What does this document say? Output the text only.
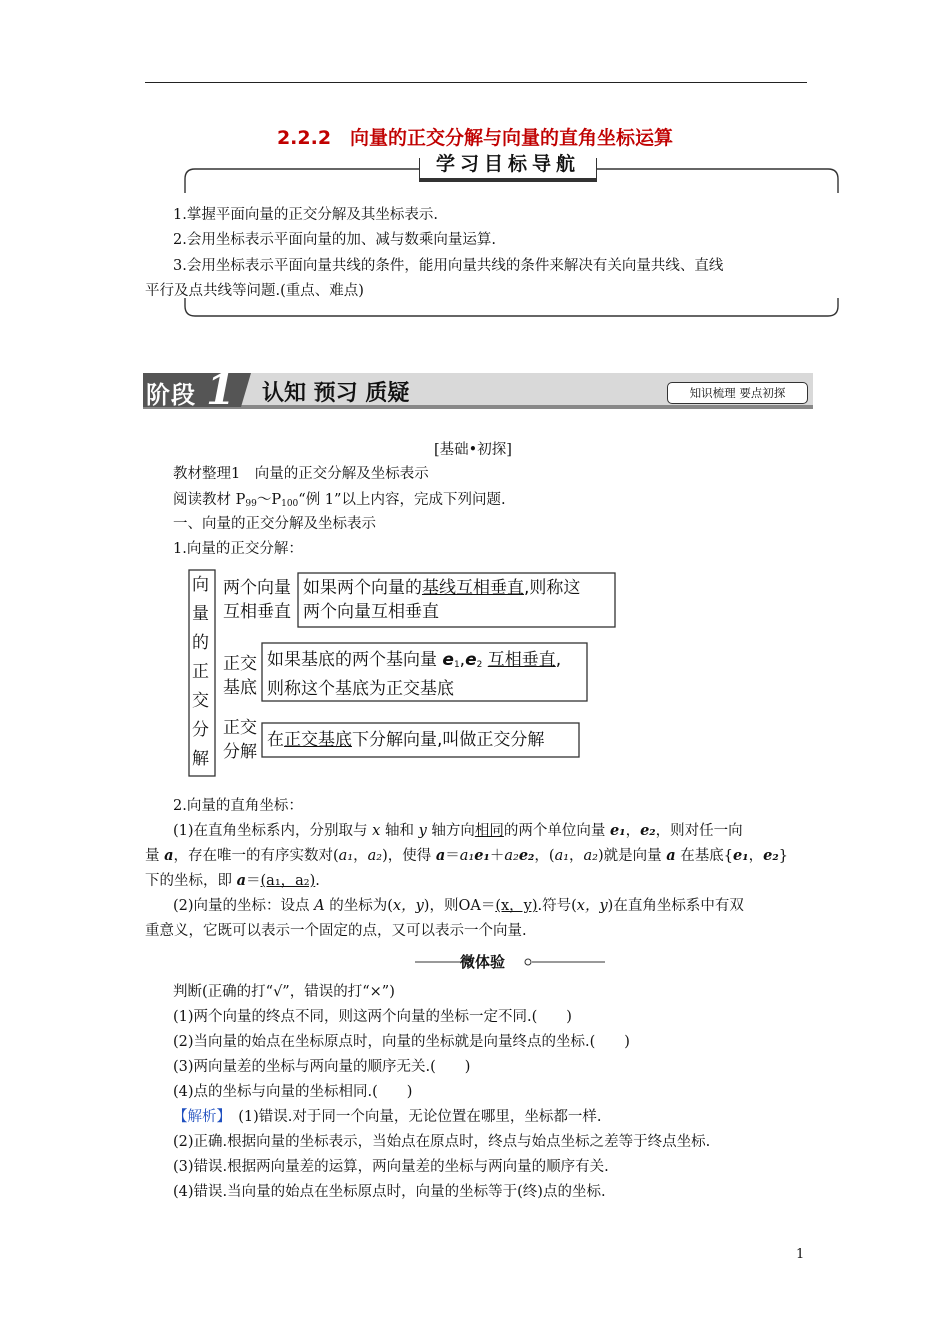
2.2.2　向量的正交分解与向量的直角坐标运算
学习目标导航
1.掌握平面向量的正交分解及其坐标表示.
2.会用坐标表示平面向量的加、减与数乘向量运算.
3.会用坐标表示平面向量共线的条件，能用向量共线的条件来解决有关向量共线、直线
平行及点共线等问题.(重点、难点)
阶段 1 认知 预习 质疑	知识梳理 要点初探
[基础•初探]
教材整理1　向量的正交分解及坐标表示
阅读教材 $P_{99}\sim P_{100}“$例 1”以上内容，完成下列问题.
一、向量的正交分解及坐标表示
1.向量的正交分解：
向
量
的
正
交
分
解
两个向量
互相垂直
如果两个向量的基线互相垂直,则称这
两个向量互相垂直
正交
基底
如果基底的两个基向量 $e_1,e_2$ 互相垂直,
则称这个基底为正交基底
正交
分解
在正交基底下分解向量,叫做正交分解
2.向量的直角坐标：
(1)在直角坐标系内，分别取与 x 轴和 y 轴方向相同的两个单位向量 e₁，e₂，则对任一向
量 a，存在唯一的有序实数对(a₁，a₂)，使得 a＝a₁e₁＋a₂e₂，(a₁，a₂)就是向量 a 在基底{e₁，e₂}
下的坐标，即 a＝(a₁，a₂).
(2)向量的坐标：设点 A 的坐标为(x，y)，则OA＝(x，y).符号(x，y)在直角坐标系中有双
重意义，它既可以表示一个固定的点，又可以表示一个向量.
微体验
判断(正确的打“√”，错误的打“×”)
(1)两个向量的终点不同，则这两个向量的坐标一定不同.(　　)
(2)当向量的始点在坐标原点时，向量的坐标就是向量终点的坐标.(　　)
(3)两向量差的坐标与两向量的顺序无关.(　　)
(4)点的坐标与向量的坐标相同.(　　)
【解析】　 (1)错误.对于同一个向量，无论位置在哪里，坐标都一样.
(2)正确.根据向量的坐标表示，当始点在原点时，终点与始点坐标之差等于终点坐标.
(3)错误.根据两向量差的运算，两向量差的坐标与两向量的顺序有关.
(4)错误.当向量的始点在坐标原点时，向量的坐标等于(终)点的坐标.
1
